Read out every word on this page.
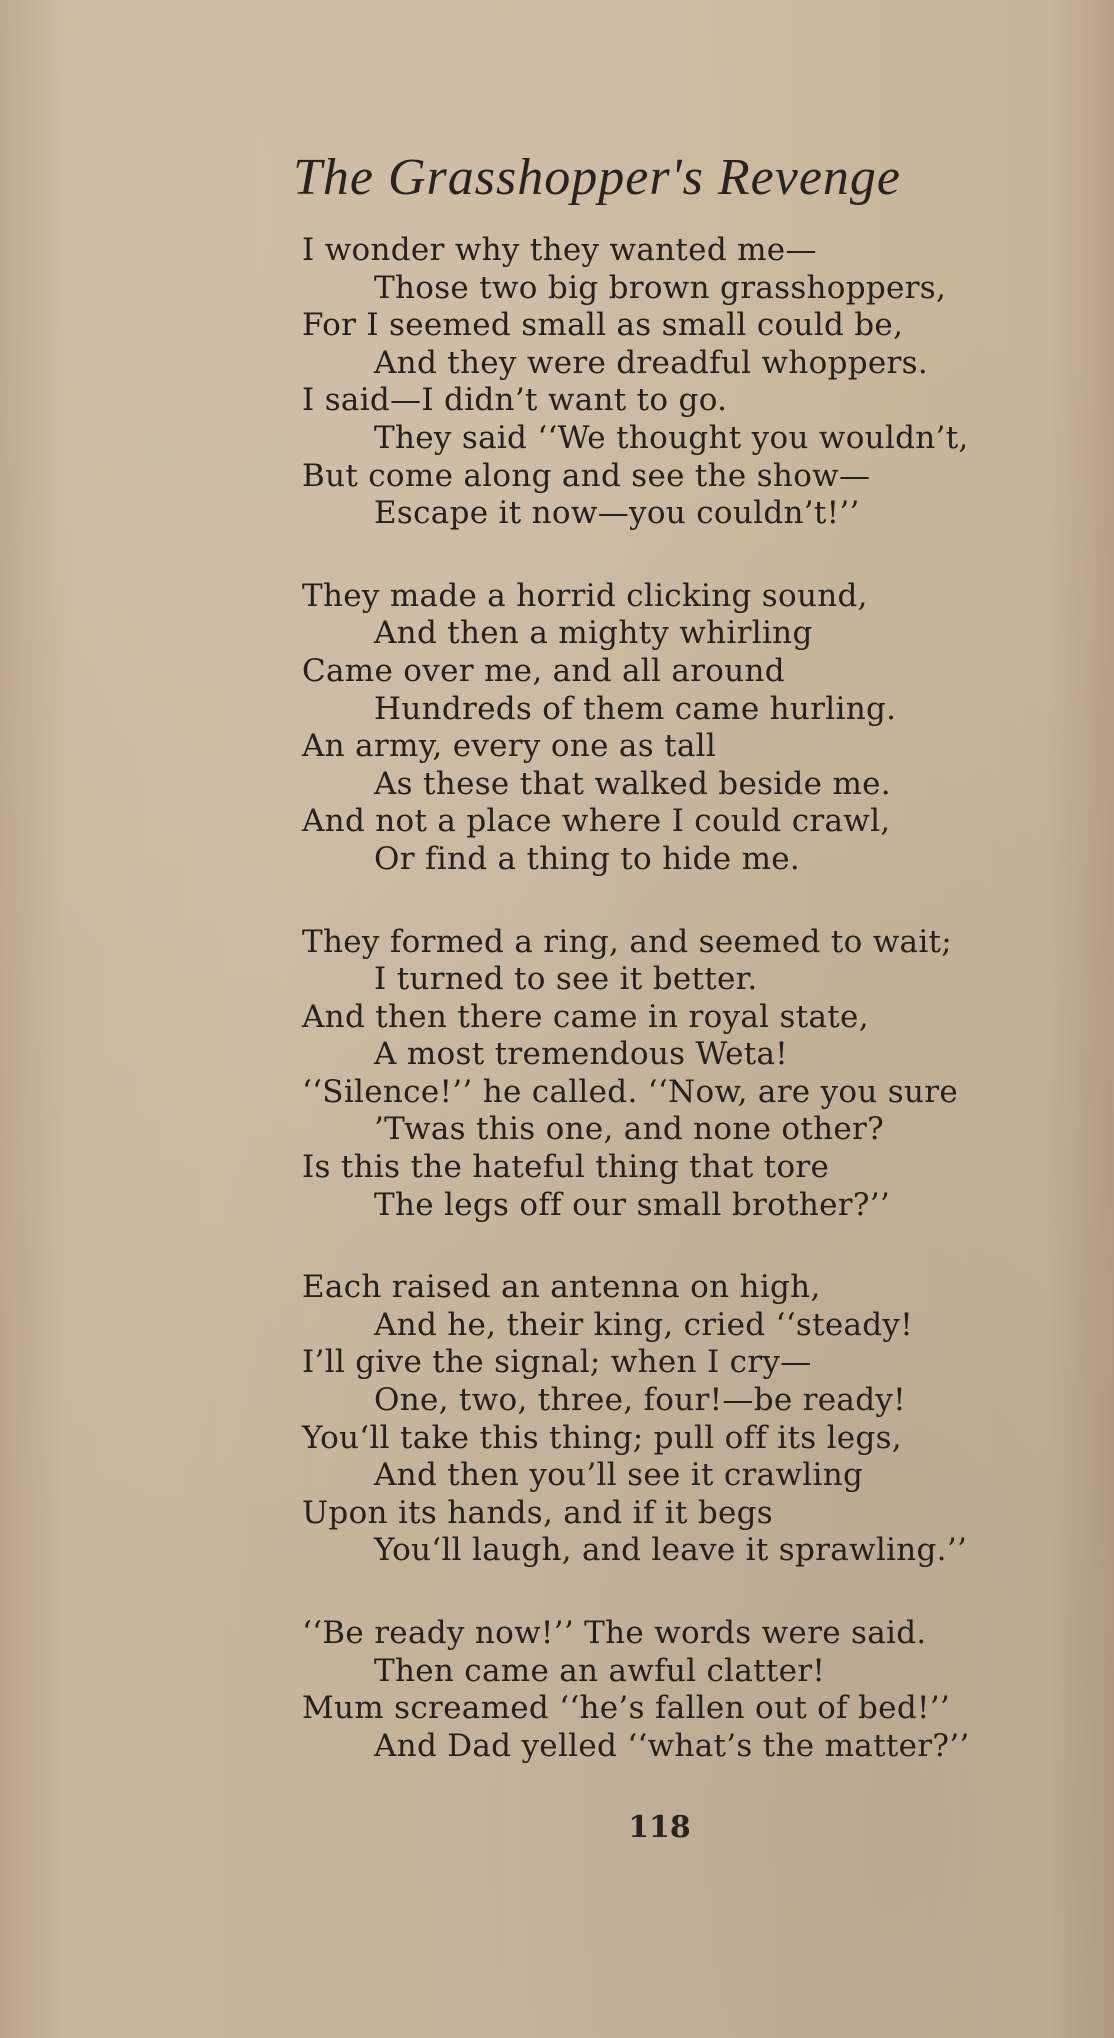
The Grasshopper's Revenge
I wonder why they wanted me—
Those two big brown grasshoppers,
For I seemed small as small could be,
And they were dreadful whoppers.
I said—I didn’t want to go.
They said ‘‘We thought you wouldn’t,
But come along and see the show—
Escape it now—you couldn’t!’’
They made a horrid clicking sound,
And then a mighty whirling
Came over me, and all around
Hundreds of them came hurling.
An army, every one as tall
As these that walked beside me.
And not a place where I could crawl,
Or find a thing to hide me.
They formed a ring, and seemed to wait;
I turned to see it better.
And then there came in royal state,
A most tremendous Weta!
‘‘Silence!’’ he called. ‘‘Now, are you sure
’Twas this one, and none other?
Is this the hateful thing that tore
The legs off our small brother?’’
Each raised an antenna on high,
And he, their king, cried ‘‘steady!
I’ll give the signal; when I cry—
One, two, three, four!—be ready!
You‘ll take this thing; pull off its legs,
And then you’ll see it crawling
Upon its hands, and if it begs
You‘ll laugh, and leave it sprawling.’’
‘‘Be ready now!’’ The words were said.
Then came an awful clatter!
Mum screamed ‘‘he’s fallen out of bed!’’
And Dad yelled ‘‘what’s the matter?’’
118
